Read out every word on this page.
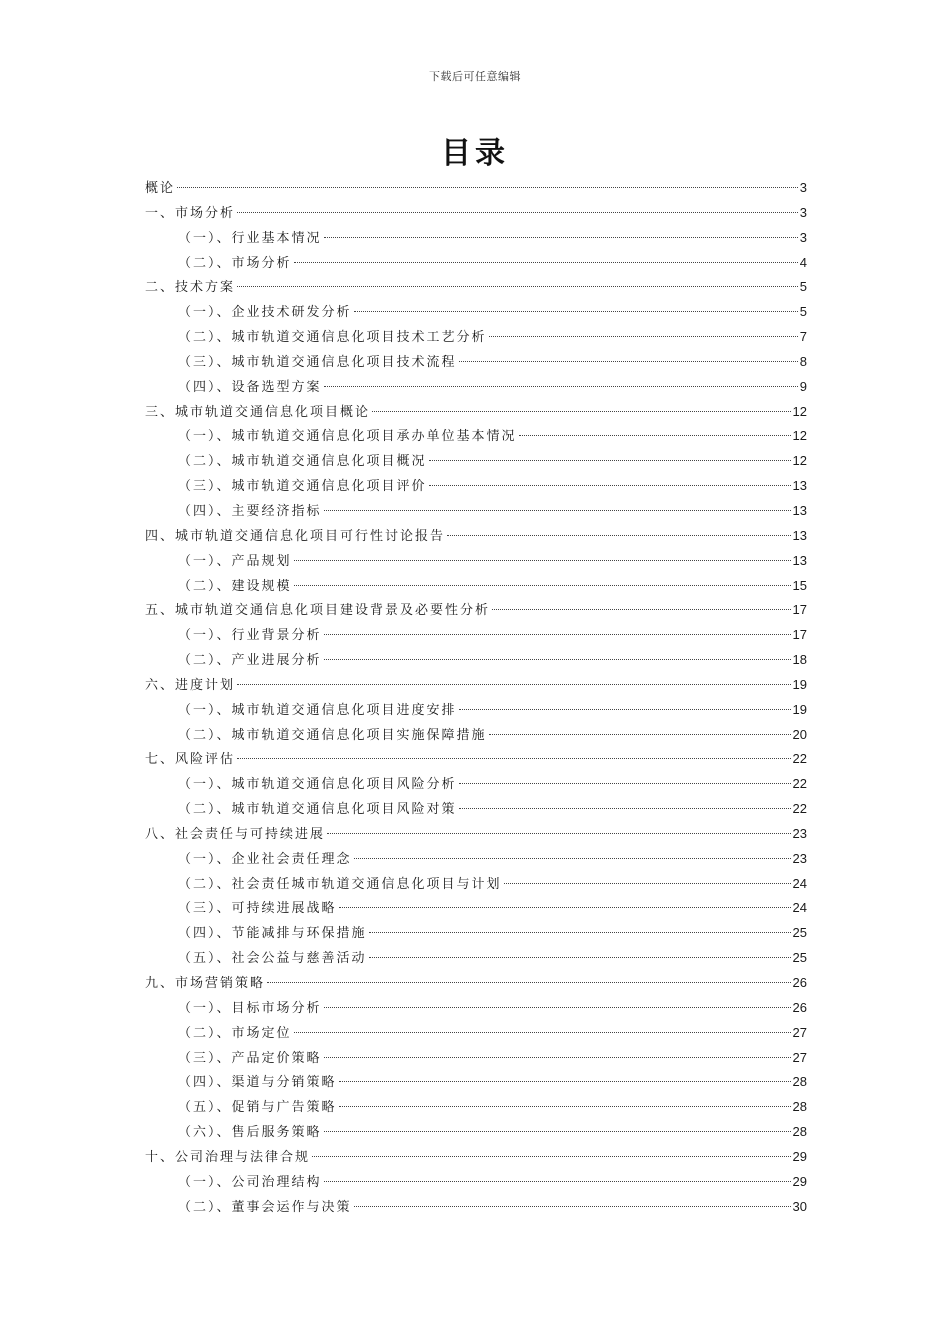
下载后可任意编辑
目录
概论	3
一、市场分析	3
（一）、行业基本情况	3
（二）、市场分析	4
二、技术方案	5
（一）、企业技术研发分析	5
（二）、城市轨道交通信息化项目技术工艺分析	7
（三）、城市轨道交通信息化项目技术流程	8
（四）、设备选型方案	9
三、城市轨道交通信息化项目概论	12
（一）、城市轨道交通信息化项目承办单位基本情况	12
（二）、城市轨道交通信息化项目概况	12
（三）、城市轨道交通信息化项目评价	13
（四）、主要经济指标	13
四、城市轨道交通信息化项目可行性讨论报告	13
（一）、产品规划	13
（二）、建设规模	15
五、城市轨道交通信息化项目建设背景及必要性分析	17
（一）、行业背景分析	17
（二）、产业进展分析	18
六、进度计划	19
（一）、城市轨道交通信息化项目进度安排	19
（二）、城市轨道交通信息化项目实施保障措施	20
七、风险评估	22
（一）、城市轨道交通信息化项目风险分析	22
（二）、城市轨道交通信息化项目风险对策	22
八、社会责任与可持续进展	23
（一）、企业社会责任理念	23
（二）、社会责任城市轨道交通信息化项目与计划	24
（三）、可持续进展战略	24
（四）、节能减排与环保措施	25
（五）、社会公益与慈善活动	25
九、市场营销策略	26
（一）、目标市场分析	26
（二）、市场定位	27
（三）、产品定价策略	27
（四）、渠道与分销策略	28
（五）、促销与广告策略	28
（六）、售后服务策略	28
十、公司治理与法律合规	29
（一）、公司治理结构	29
（二）、董事会运作与决策	30
